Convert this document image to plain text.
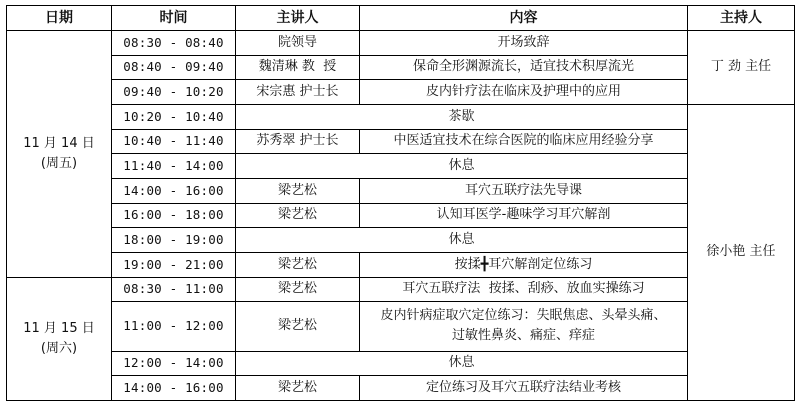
日期	时间	主讲人	内容	主持人

11 月 14 日
(周五)	08:30 - 08:40	院领导	开场致辞	丁 劲 主任
	08:40 - 09:40	魏清琳 教  授	保命全形渊源流长，适宜技术积厚流光	
	09:40 - 10:20	宋宗惠 护士长	皮内针疗法在临床及护理中的应用	
	10:20 - 10:40	茶歇		徐小艳 主任
	10:40 - 11:40	苏秀翠 护士长	中医适宜技术在综合医院的临床应用经验分享	
	11:40 - 14:00	休息		
	14:00 - 16:00	梁艺松	耳穴五联疗法先导课	
	16:00 - 18:00	梁艺松	认知耳医学-趣味学习耳穴解剖	
	18:00 - 19:00	休息		
	19:00 - 21:00	梁艺松	按揉╋耳穴解剖定位练习	

11 月 15 日
(周六)	08:30 - 11:00	梁艺松	耳穴五联疗法  按揉、刮痧、放血实操练习	
	11:00 - 12:00	梁艺松	皮内针病症取穴定位练习：失眠焦虑、头晕头痛、
过敏性鼻炎、痛症、痒症	

	12:00 - 14:00	休息		
	14:00 - 16:00	梁艺松	定位练习及耳穴五联疗法结业考核	
